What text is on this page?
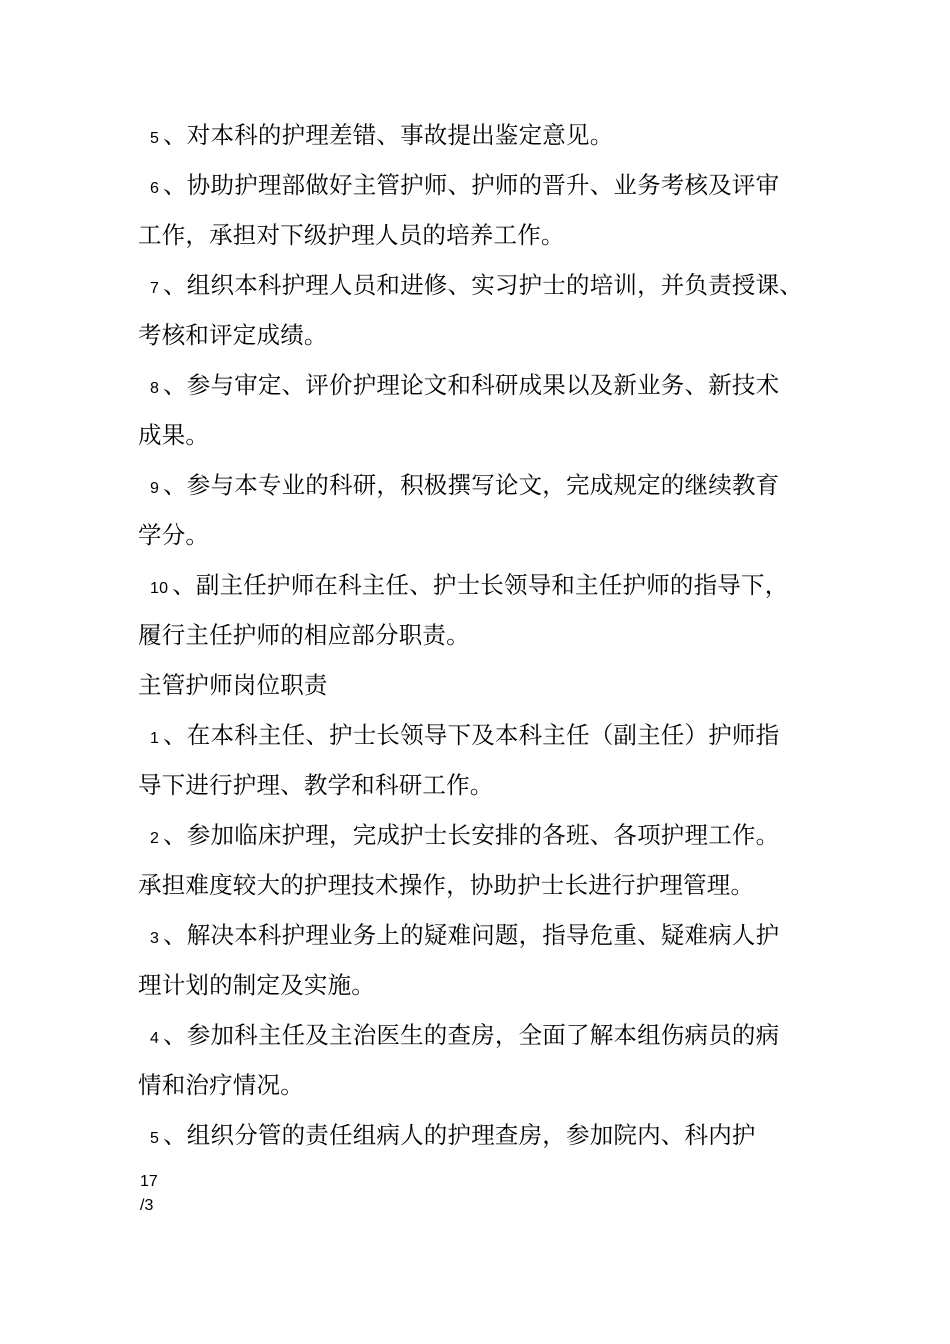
5 、对本科的护理差错、事故提出鉴定意见。
6 、协助护理部做好主管护师、护师的晋升、业务考核及评审
工作，承担对下级护理人员的培养工作。
7 、组织本科护理人员和进修、实习护士的培训，并负责授课、
考核和评定成绩。
8 、参与审定、评价护理论文和科研成果以及新业务、新技术
成果。
9 、参与本专业的科研，积极撰写论文，完成规定的继续教育
学分。
10 、副主任护师在科主任、护士长领导和主任护师的指导下，
履行主任护师的相应部分职责。
主管护师岗位职责
1 、在本科主任、护士长领导下及本科主任（副主任）护师指
导下进行护理、教学和科研工作。
2 、参加临床护理，完成护士长安排的各班、各项护理工作。
承担难度较大的护理技术操作，协助护士长进行护理管理。
3 、解决本科护理业务上的疑难问题，指导危重、疑难病人护
理计划的制定及实施。
4 、参加科主任及主治医生的查房，全面了解本组伤病员的病
情和治疗情况。
5 、组织分管的责任组病人的护理查房，参加院内、科内护
17
/3
